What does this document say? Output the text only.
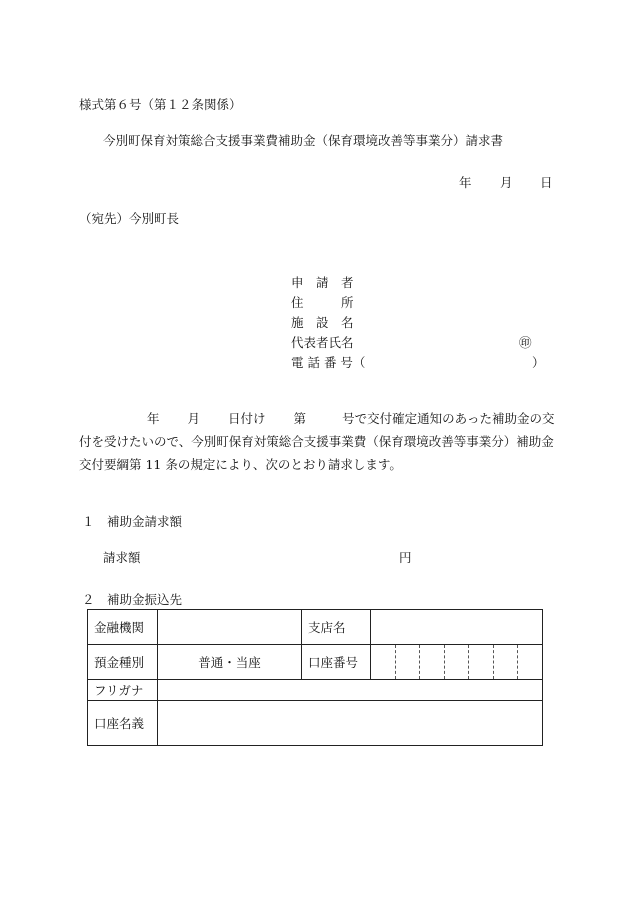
様式第６号（第１２条関係）
今別町保育対策総合支援事業費補助金（保育環境改善等事業分）請求書
年 月 日
（宛先）今別町長
申　請　者
住　　　所
施　設　名
代表者氏名	㊞
電 話 番 号（	）
年 月 日付け 第	号で交付確定通知のあった補助金の交付を受けたいので、今別町保育対策総合支援事業費（保育環境改善等事業分）補助金交付要綱第 11 条の規定により、次のとおり請求します。
１　補助金請求額
請求額	円
２　補助金振込先
金融機関		支店名	
預金種別	普通・当座	口座番号	

フリガナ			
口座名義			
